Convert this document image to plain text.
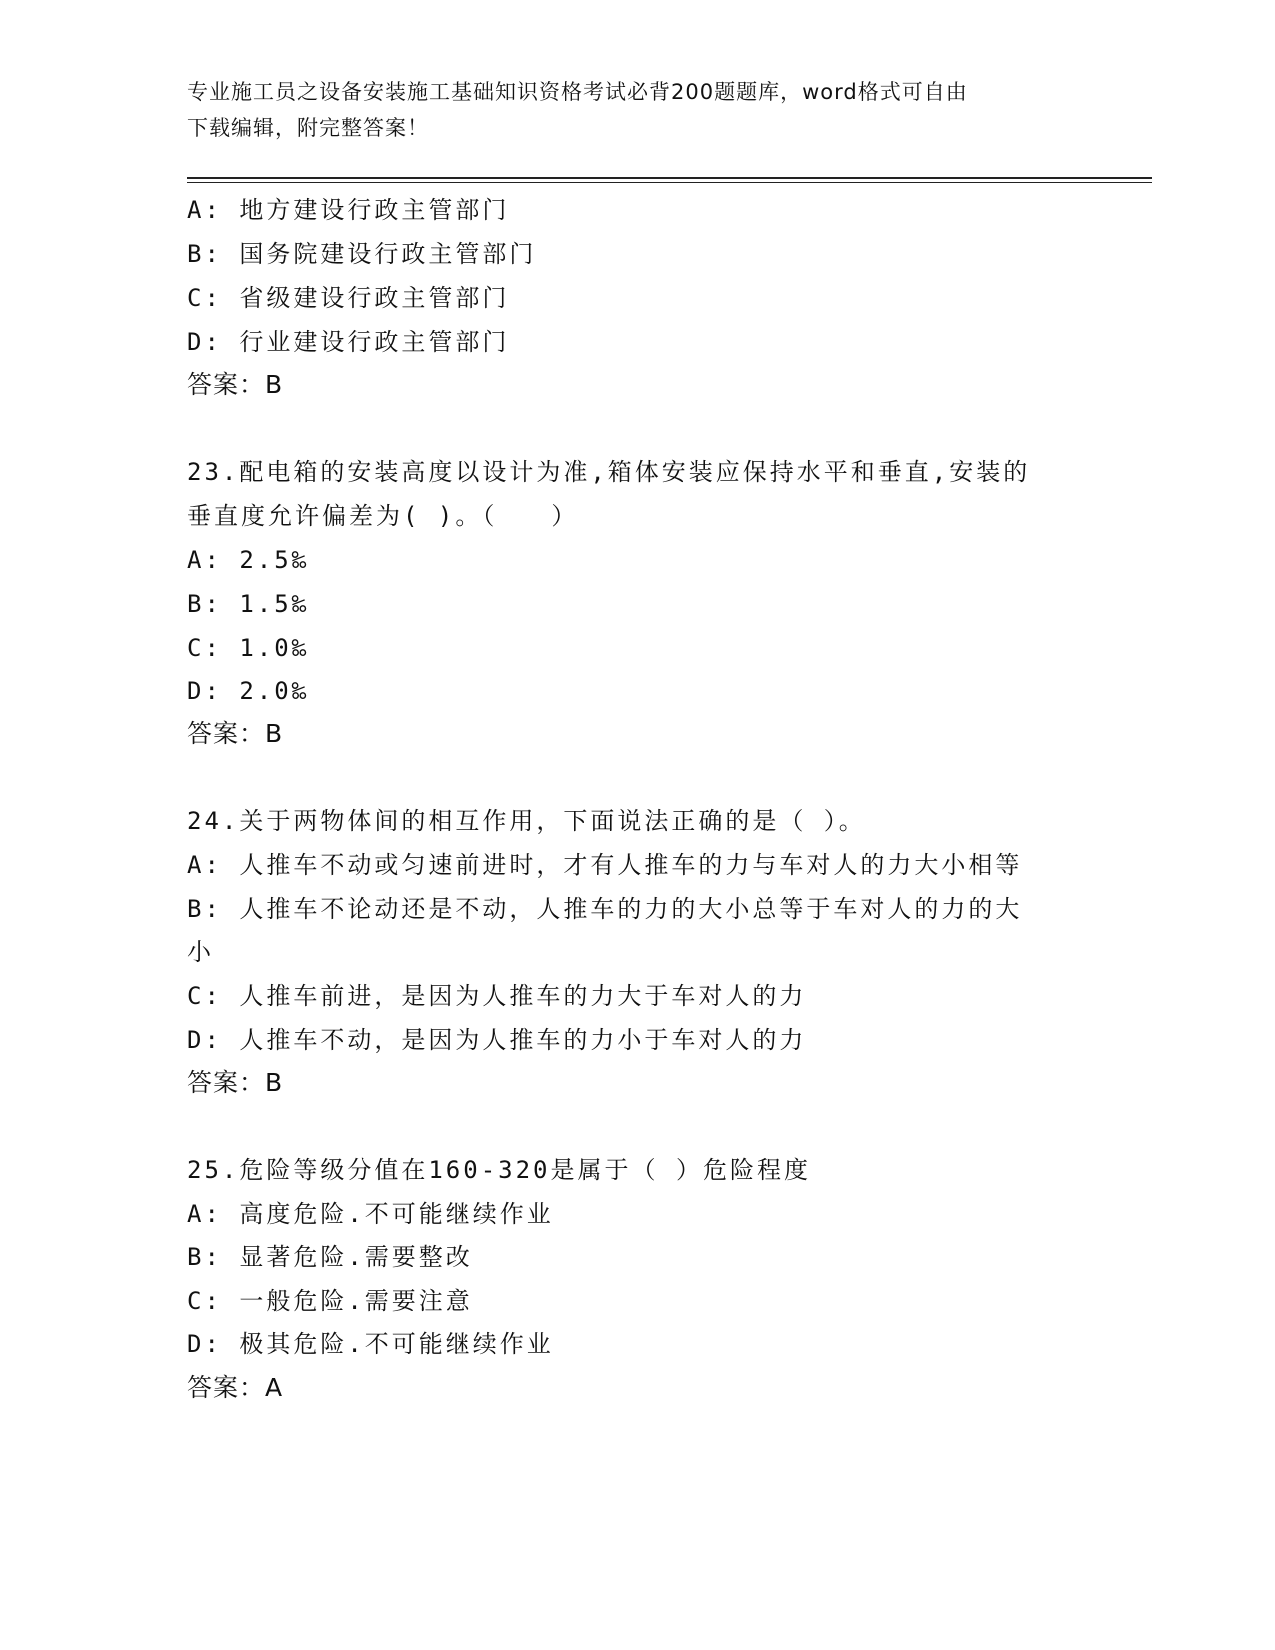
专业施工员之设备安装施工基础知识资格考试必背200题题库，word格式可自由
下载编辑，附完整答案！
A: 地方建设行政主管部门
B: 国务院建设行政主管部门
C: 省级建设行政主管部门
D: 行业建设行政主管部门
答案：B
23.配电箱的安装高度以设计为准,箱体安装应保持水平和垂直,安装的
垂直度允许偏差为( )。（　　）
A: 2.5‰
B: 1.5‰
C: 1.0‰
D: 2.0‰
答案：B
24.关于两物体间的相互作用，下面说法正确的是（ ）。
A: 人推车不动或匀速前进时，才有人推车的力与车对人的力大小相等
B: 人推车不论动还是不动，人推车的力的大小总等于车对人的力的大
小
C: 人推车前进，是因为人推车的力大于车对人的力
D: 人推车不动，是因为人推车的力小于车对人的力
答案：B
25.危险等级分值在160-320是属于（ ）危险程度
A: 高度危险.不可能继续作业
B: 显著危险.需要整改
C: 一般危险.需要注意
D: 极其危险.不可能继续作业
答案：A
